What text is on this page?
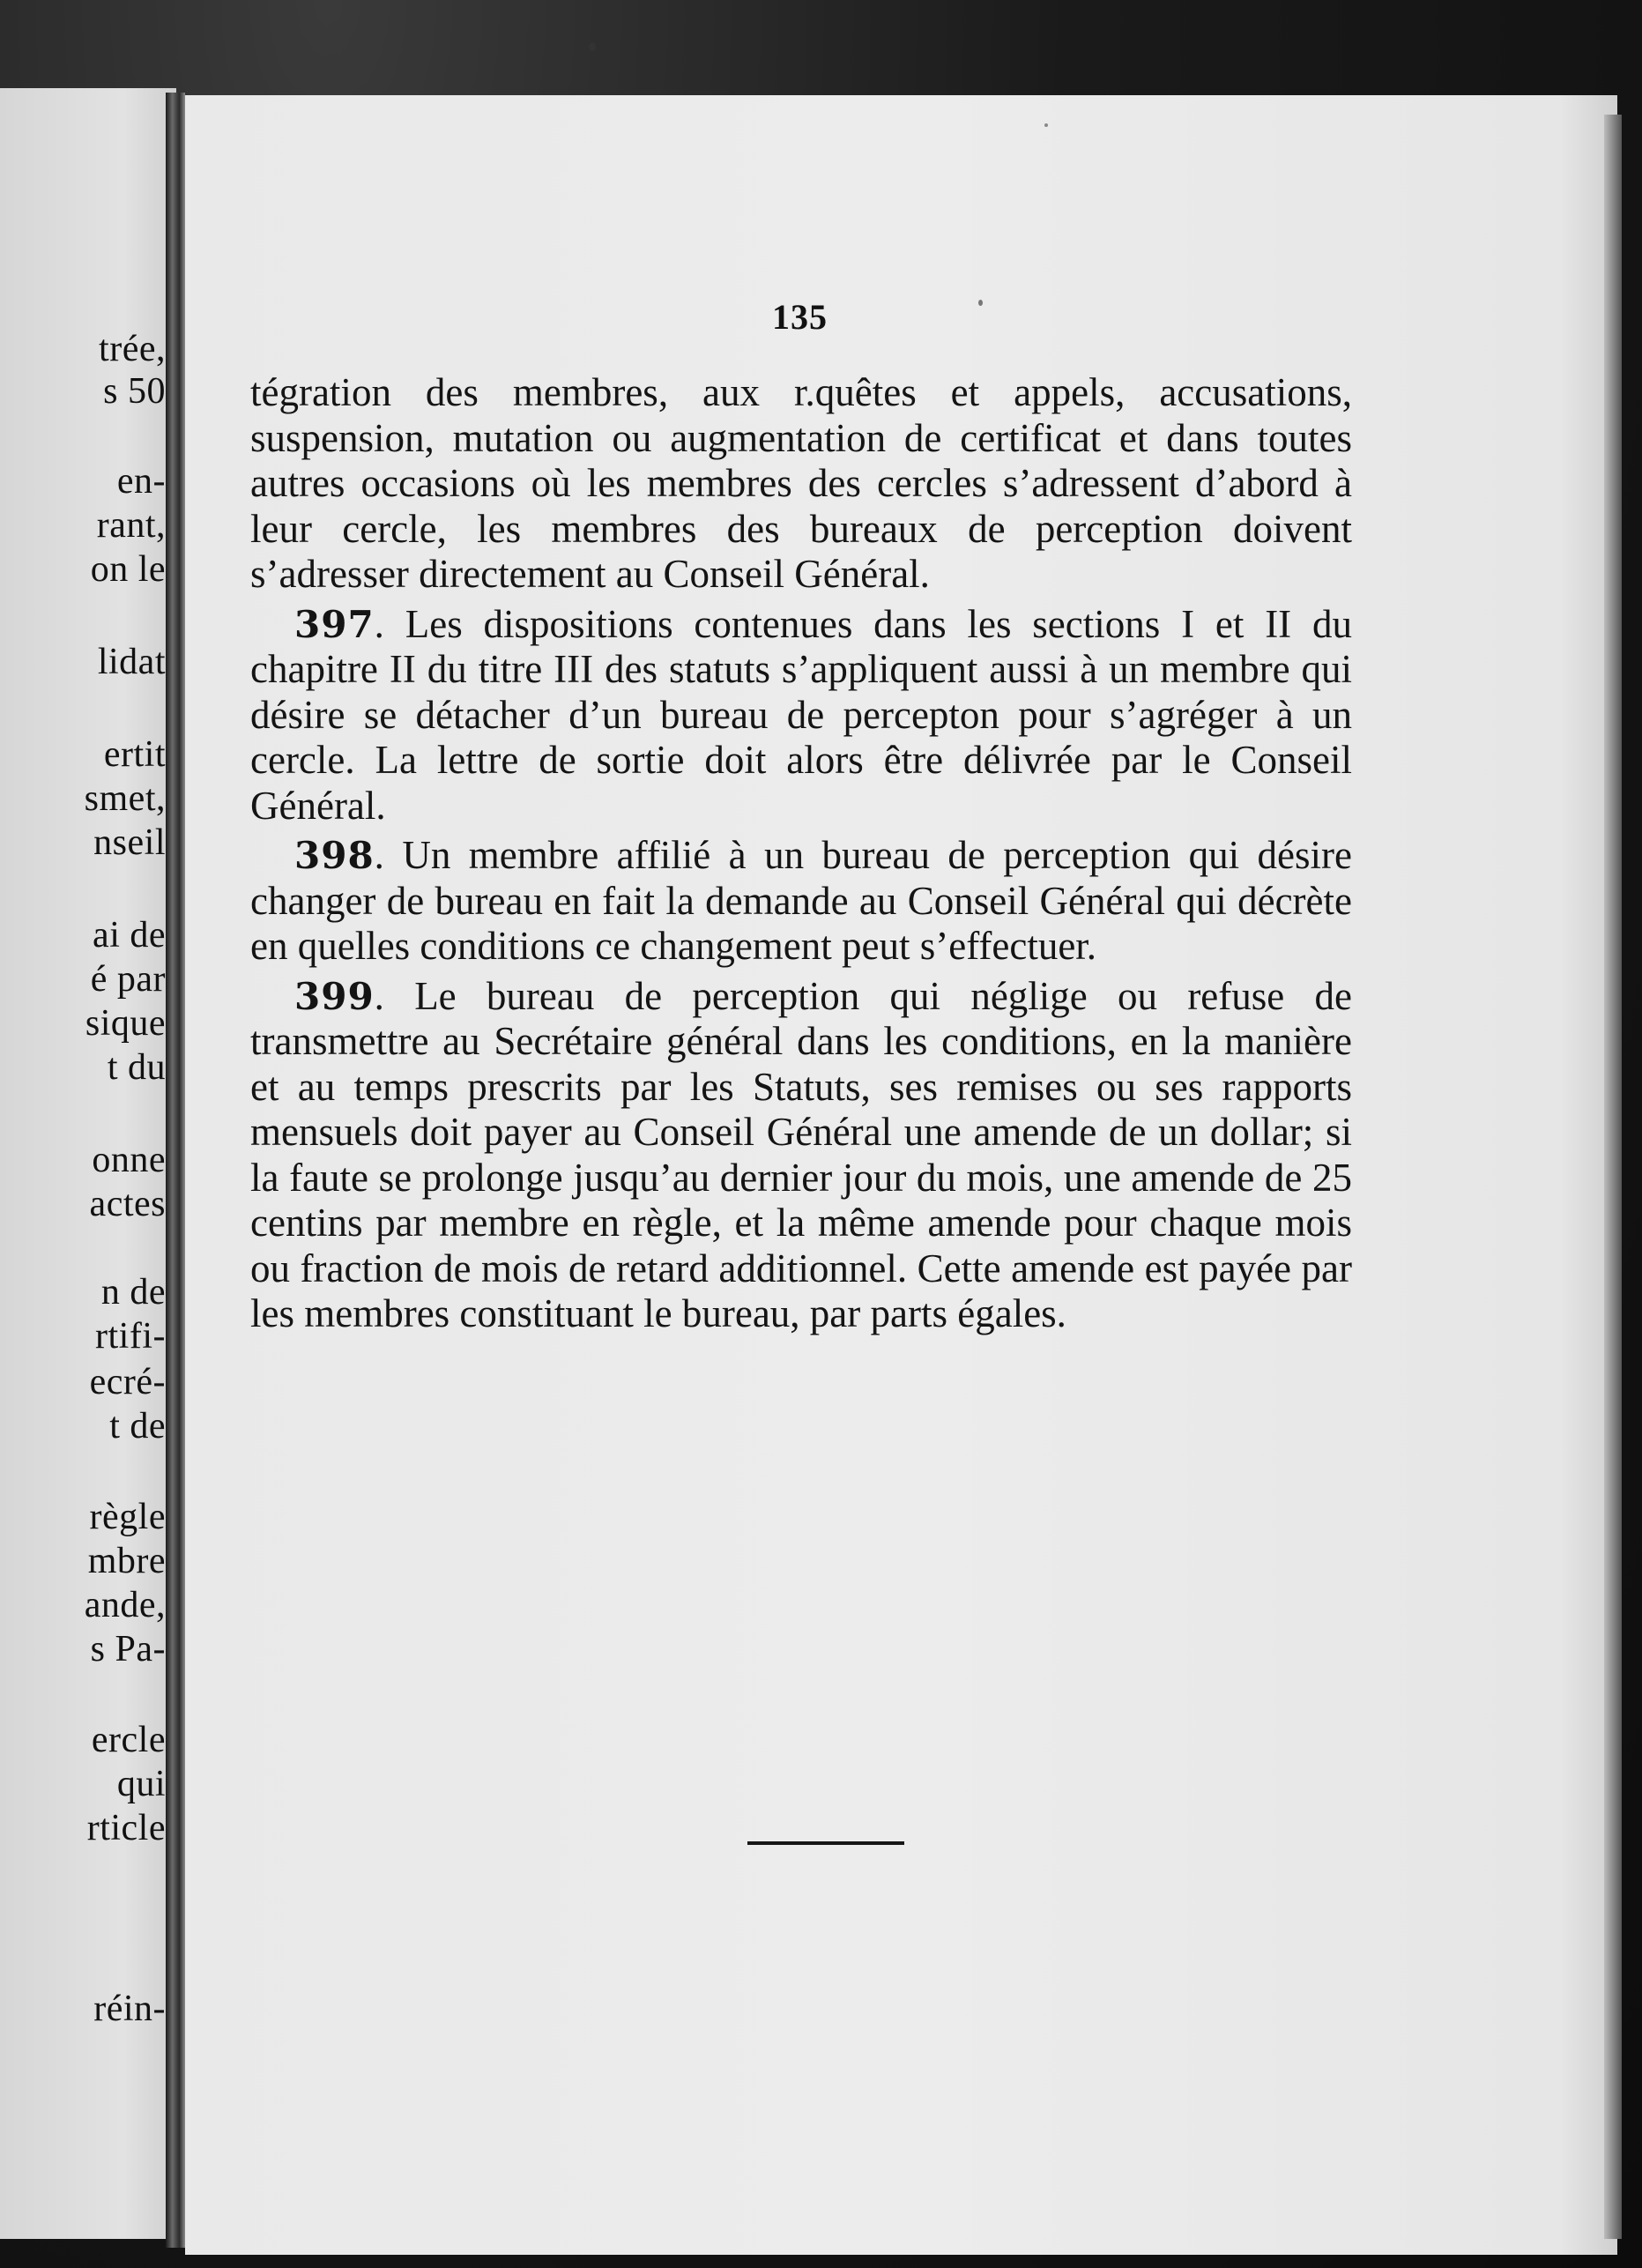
trée,
s 50
en-
rant,
on le
lidat
ertit
smet,
nseil
ai de
é par
sique
t du
onne
actes
n de
rtifi-
ecré-
t de
règle
mbre
ande,
s Pa-
ercle
qui
rticle
réin-
135

tégration des membres, aux r.quêtes et appels, accusations, suspension, mutation ou augmentation de certificat et dans toutes autres occasions où les membres des cercles s’adressent d’abord à leur cercle, les membres des bureaux de perception doivent s’adresser directement au Conseil Général.

397. Les dispositions contenues dans les sections I et II du chapitre II du titre III des statuts s’appliquent aussi à un membre qui désire se détacher d’un bureau de percepton pour s’agréger à un cercle. La lettre de sortie doit alors être délivrée par le Conseil Général.

398. Un membre affilié à un bureau de perception qui désire changer de bureau en fait la demande au Conseil Général qui décrète en quelles conditions ce changement peut s’effectuer.

399. Le bureau de perception qui néglige ou refuse de transmettre au Secrétaire général dans les conditions, en la manière et au temps prescrits par les Statuts, ses remises ou ses rapports mensuels doit payer au Conseil Général une amende de un dollar; si la faute se prolonge jusqu’au dernier jour du mois, une amende de 25 centins par membre en règle, et la même amende pour chaque mois ou fraction de mois de retard additionnel. Cette amende est payée par les membres constituant le bureau, par parts égales.
